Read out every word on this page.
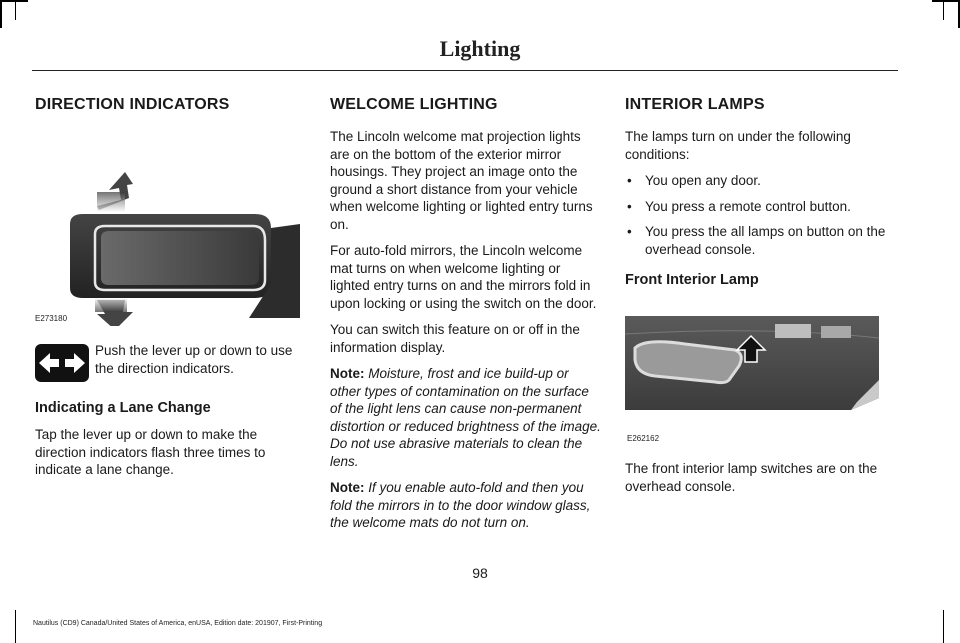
Lighting
DIRECTION INDICATORS
E273180

Push the lever up or down to use the direction indicators.

Indicating a Lane Change

Tap the lever up or down to make the direction indicators flash three times to indicate a lane change.

WELCOME LIGHTING

The Lincoln welcome mat projection lights are on the bottom of the exterior mirror housings. They project an image onto the ground a short distance from your vehicle when welcome lighting or lighted entry turns on.

For auto-fold mirrors, the Lincoln welcome mat turns on when welcome lighting or lighted entry turns on and the mirrors fold in upon locking or using the switch on the door.

You can switch this feature on or off in the information display.

Note: Moisture, frost and ice build-up or other types of contamination on the surface of the light lens can cause non-permanent distortion or reduced brightness of the image. Do not use abrasive materials to clean the lens.

Note: If you enable auto-fold and then you fold the mirrors in to the door window glass, the welcome mats do not turn on.

INTERIOR LAMPS

The lamps turn on under the following conditions:

• You open any door.
• You press a remote control button.
• You press the all lamps on button on the overhead console.
Front Interior Lamp
E262162

The front interior lamp switches are on the overhead console.

98
Nautilus (CD9) Canada/United States of America, enUSA, Edition date: 201907, First-Printing
